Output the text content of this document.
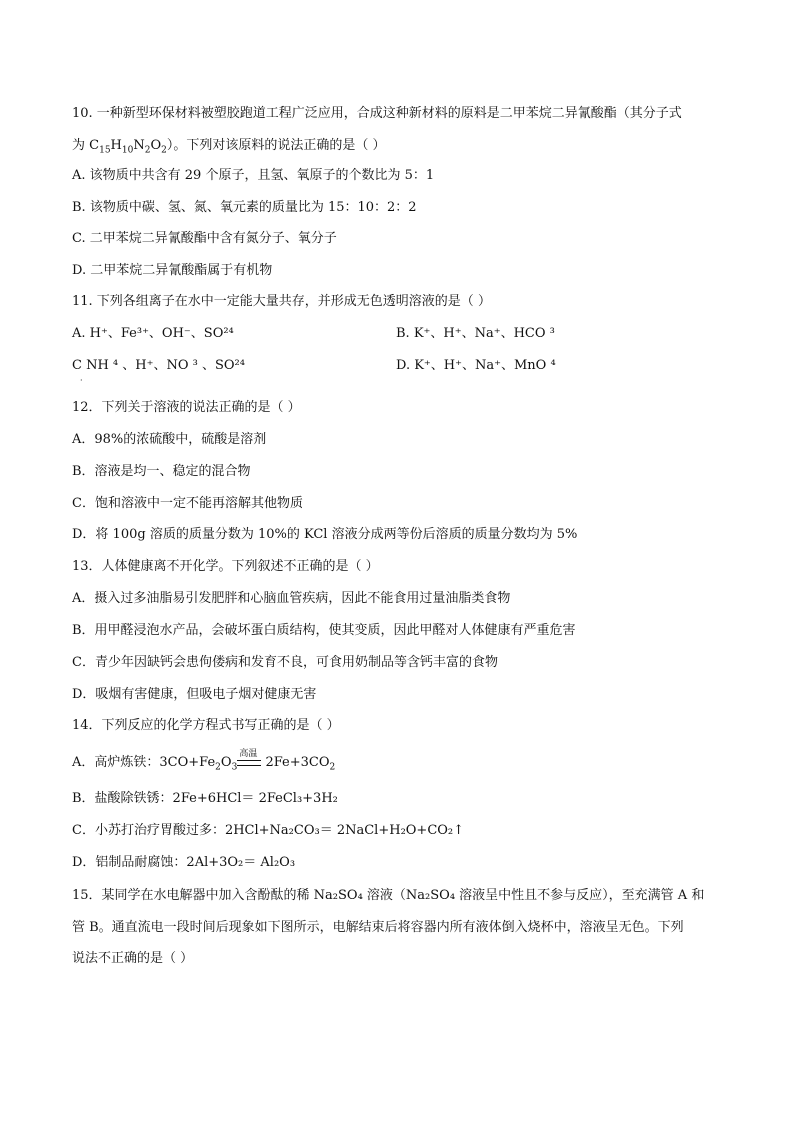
10. 一种新型环保材料被塑胶跑道工程广泛应用，合成这种新材料的原料是二甲苯烷二异氰酸酯（其分子式
为 $C_{15}H_{10}N_2O_2$）。下列对该原料的说法正确的是（ ）
A. 该物质中共含有 29 个原子，且氢、氧原子的个数比为 5：1
B. 该物质中碳、氢、氮、氧元素的质量比为 15：10：2：2
C. 二甲苯烷二异氰酸酯中含有氮分子、氧分子
D. 二甲苯烷二异氰酸酯属于有机物
11. 下列各组离子在水中一定能大量共存，并形成无色透明溶液的是（ ）
A. H⁺、Fe³⁺、OH⁻、SO²⁴	B. K⁺、H⁺、Na⁺、HCO ³
C NH ⁴ 、H⁺、NO ³ 、SO²⁴	D. K⁺、H⁺、Na⁺、MnO ⁴
·
12．下列关于溶液的说法正确的是（ ）
A．98%的浓硫酸中，硫酸是溶剂
B．溶液是均一、稳定的混合物
C．饱和溶液中一定不能再溶解其他物质
D．将 100g 溶质的质量分数为 10%的 KCl 溶液分成两等份后溶质的质量分数均为 5%
13．人体健康离不开化学。下列叙述不正确的是（ ）
A．摄入过多油脂易引发肥胖和心脑血管疾病，因此不能食用过量油脂类食物
B．用甲醛浸泡水产品，会破坏蛋白质结构，使其变质，因此甲醛对人体健康有严重危害
C．青少年因缺钙会患佝偻病和发育不良，可食用奶制品等含钙丰富的食物
D．吸烟有害健康，但吸电子烟对健康无害
14．下列反应的化学方程式书写正确的是（ ）
A．高炉炼铁：$3CO+Fe_2O_3$
高温
$2Fe+3CO_2$
B．盐酸除铁锈：2Fe+6HCl＝ 2FeCl₃+3H₂
C．小苏打治疗胃酸过多：2HCl+Na₂CO₃＝ 2NaCl+H₂O+CO₂↑
D．铝制品耐腐蚀：2Al+3O₂＝ Al₂O₃
15．某同学在水电解器中加入含酚酞的稀 Na₂SO₄ 溶液（Na₂SO₄ 溶液呈中性且不参与反应），至充满管 A 和
管 B。通直流电一段时间后现象如下图所示，电解结束后将容器内所有液体倒入烧杯中，溶液呈无色。下列
说法不正确的是（ ）
